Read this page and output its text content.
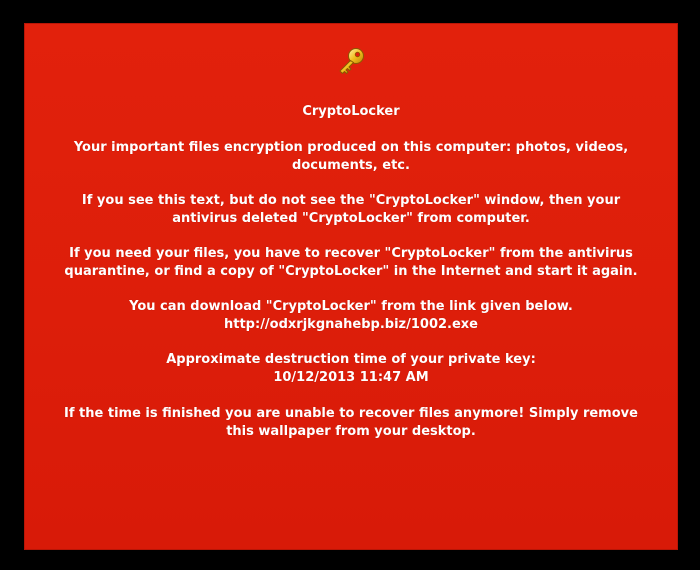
CryptoLocker
Your important files encryption produced on this computer: photos, videos,
documents, etc.
If you see this text, but do not see the "CryptoLocker" window, then your
antivirus deleted "CryptoLocker" from computer.
If you need your files, you have to recover "CryptoLocker" from the antivirus
quarantine, or find a copy of "CryptoLocker" in the Internet and start it again.
You can download "CryptoLocker" from the link given below.
http://odxrjkgnahebp.biz/1002.exe
Approximate destruction time of your private key:
10/12/2013 11:47 AM
If the time is finished you are unable to recover files anymore! Simply remove
this wallpaper from your desktop.
